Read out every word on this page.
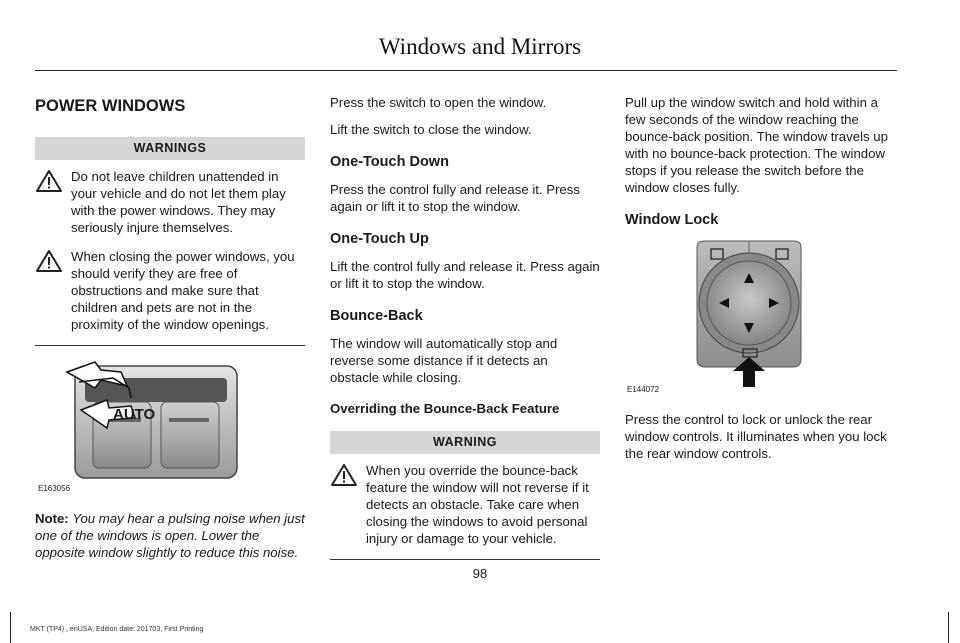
Windows and Mirrors
POWER WINDOWS
WARNINGS
Do not leave children unattended in your vehicle and do not let them play with the power windows. They may seriously injure themselves.
When closing the power windows, you should verify they are free of obstructions and make sure that children and pets are not in the proximity of the window openings.
AUTO
E163056

Note: You may hear a pulsing noise when just one of the windows is open. Lower the opposite window slightly to reduce this noise.

Press the switch to open the window.

Lift the switch to close the window.

One-Touch Down

Press the control fully and release it. Press again or lift it to stop the window.

One-Touch Up

Lift the control fully and release it. Press again or lift it to stop the window.

Bounce-Back

The window will automatically stop and reverse some distance if it detects an obstacle while closing.

Overriding the Bounce-Back Feature
WARNING
When you override the bounce-back feature the window will not reverse if it detects an obstacle. Take care when closing the windows to avoid personal injury or damage to your vehicle.

Pull up the window switch and hold within a few seconds of the window reaching the bounce-back position. The window travels up with no bounce-back protection. The window stops if you release the switch before the window closes fully.

Window Lock
E144072

Press the control to lock or unlock the rear window controls. It illuminates when you lock the rear window controls.

98
MKT (TP4) , enUSA, Edition date: 201703, First Printing
